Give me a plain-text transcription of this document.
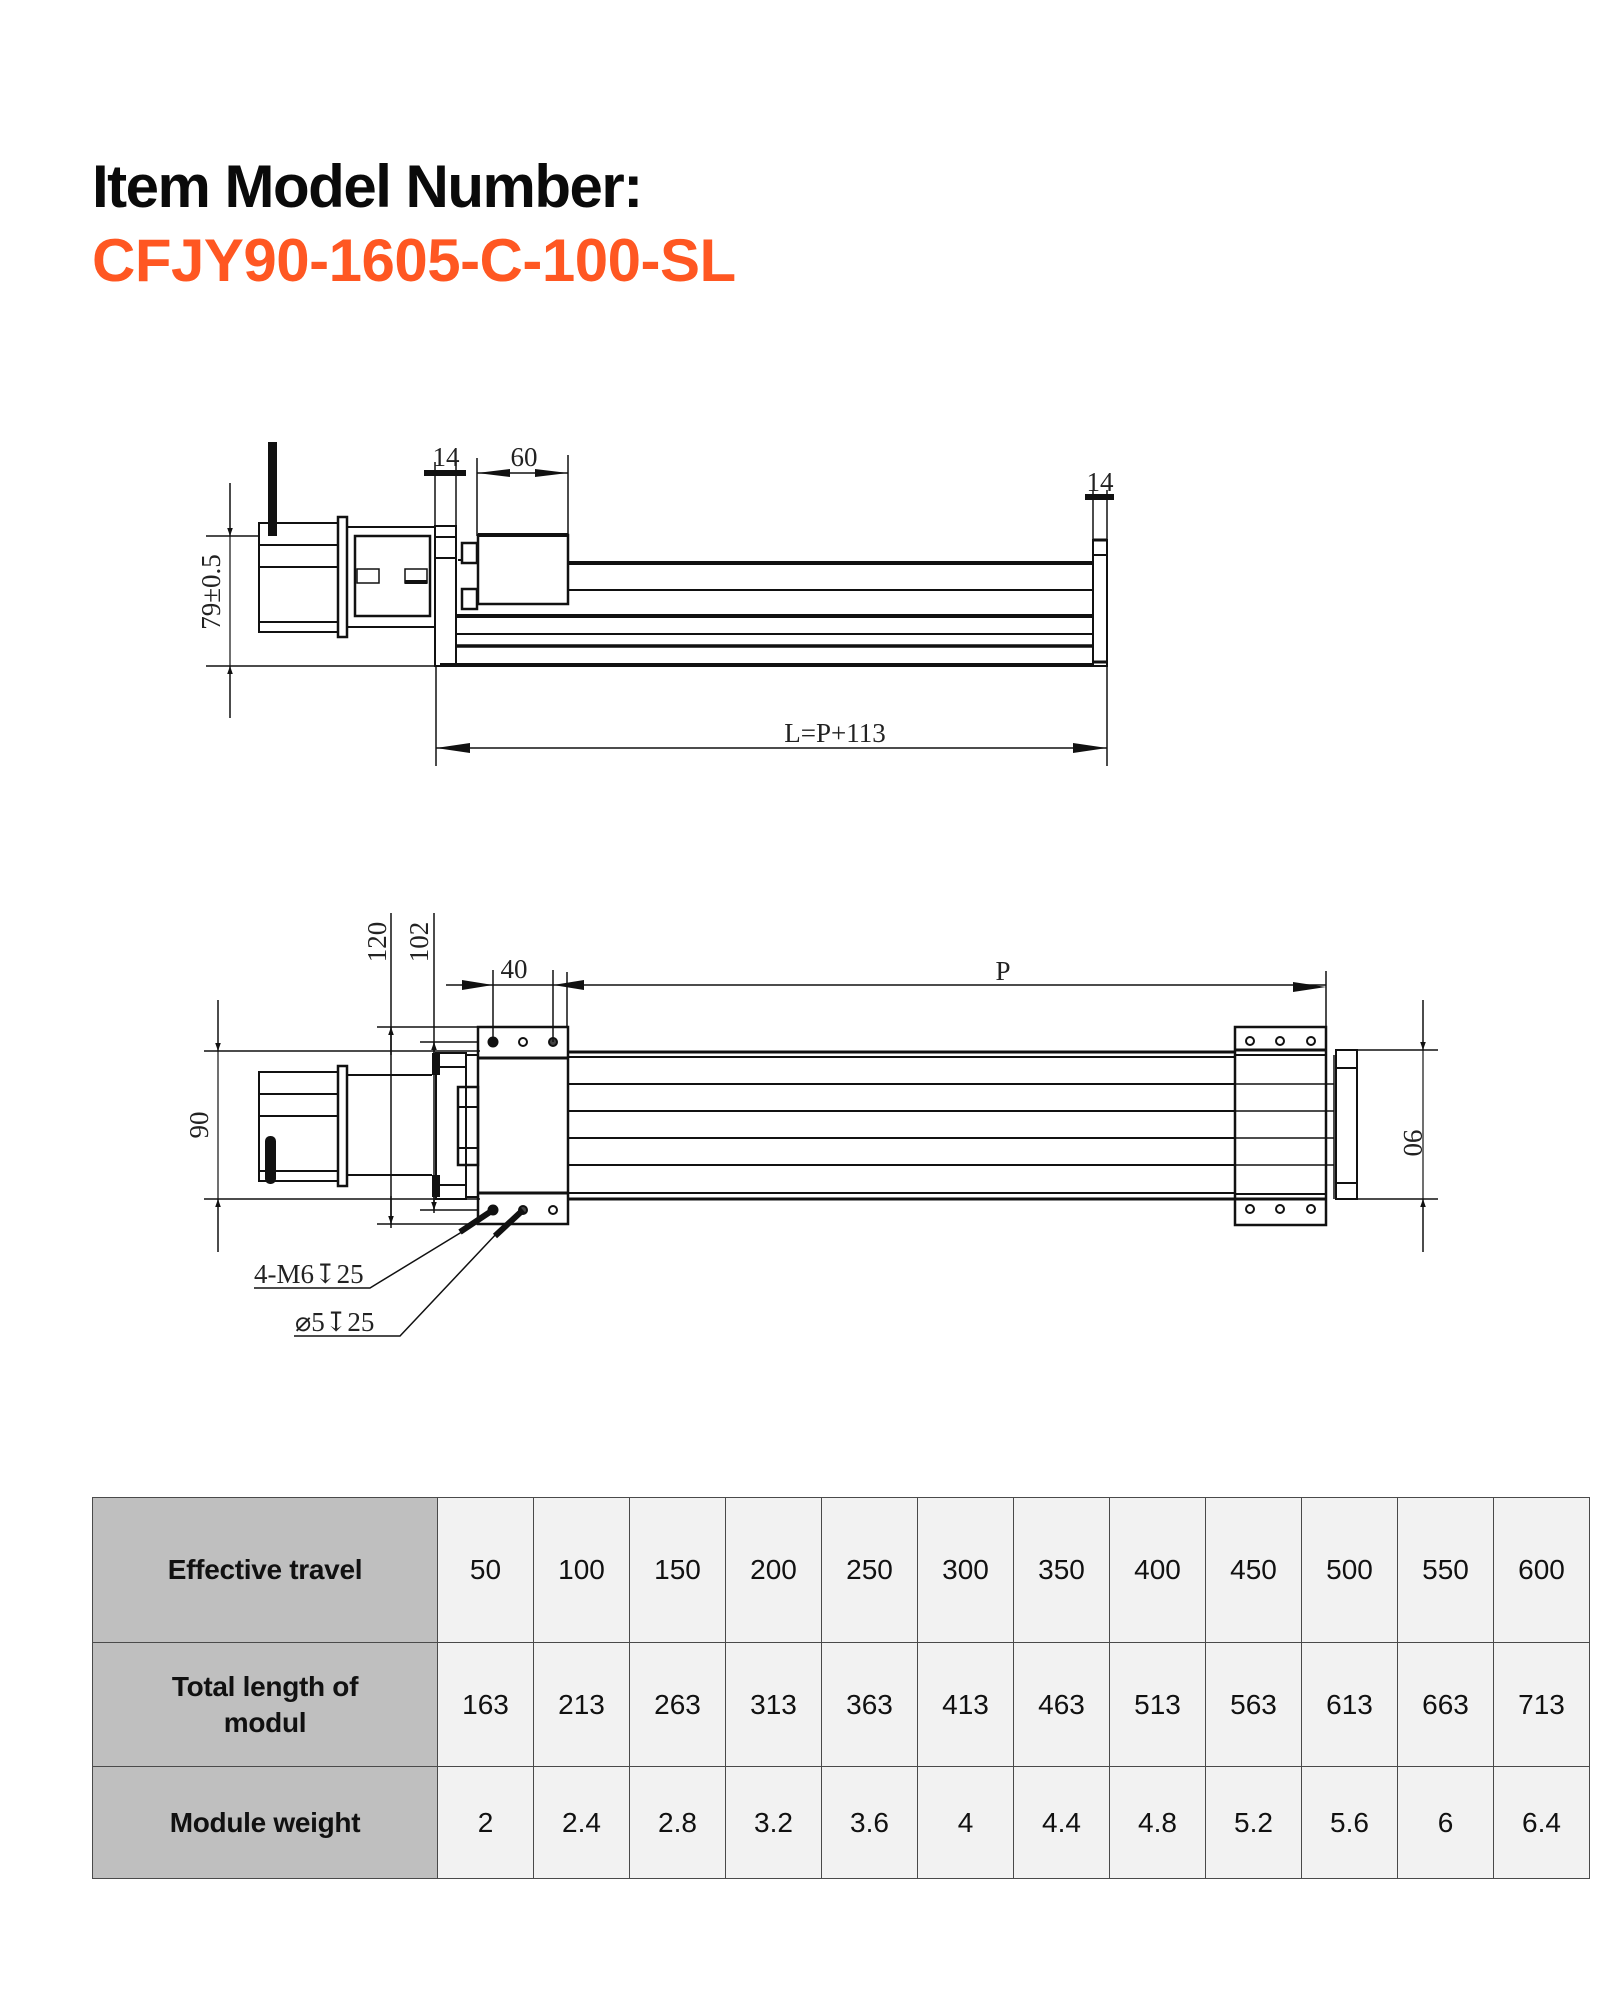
Item Model Number:
CFJY90-1605-C-100-SL
79±0.5
14 60
14
L=P+113
120 102
40	P
90
90
4-M6↧25
⌀5↧25
Effective travel	50	100	150	200	250	300	350	400	450	500	550	600
Total length of modul	163	213	263	313	363	413	463	513	563	613	663	713
Module weight	2	2.4	2.8	3.2	3.6	4	4.4	4.8	5.2	5.6	6	6.4
